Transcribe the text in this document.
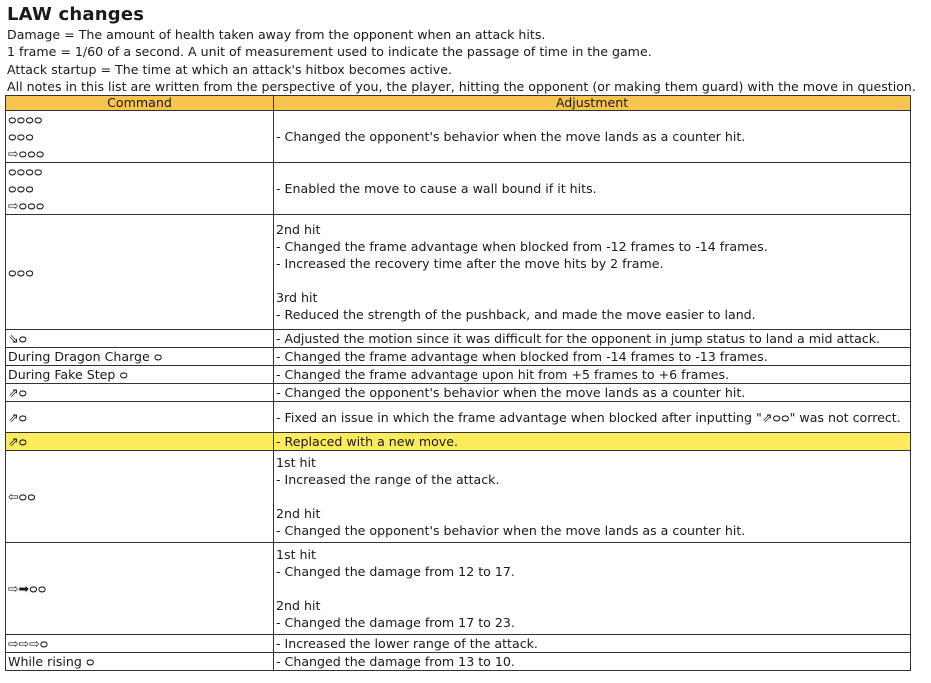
LAW changes
Damage = The amount of health taken away from the opponent when an attack hits.
1 frame = 1/60 of a second. A unit of measurement used to indicate the passage of time in the game.
Attack startup = The time at which an attack's hitbox becomes active.
All notes in this list are written from the perspective of you, the player, hitting the opponent (or making them guard) with the move in question.
Command	Adjustment

ᴑᴑᴑᴑ
ᴑᴑᴑ
⇨ᴑᴑᴑ	- Changed the opponent's behavior when the move lands as a counter hit.

ᴑᴑᴑᴑ
ᴑᴑᴑ
⇨ᴑᴑᴑ	- Enabled the move to cause a wall bound if it hits.

ᴑᴑᴑ	2nd hit
- Changed the frame advantage when blocked from -12 frames to -14 frames.
- Increased the recovery time after the move hits by 2 frame.
3rd hit
- Reduced the strength of the pushback, and made the move easier to land.

⇘ᴑ	- Adjusted the motion since it was difficult for the opponent in jump status to land a mid attack.

During Dragon Charge ᴑ	- Changed the frame advantage when blocked from -14 frames to -13 frames.

During Fake Step ᴑ	- Changed the frame advantage upon hit from +5 frames to +6 frames.

⇗ᴑ	- Changed the opponent's behavior when the move lands as a counter hit.

⇗ᴑ	- Fixed an issue in which the frame advantage when blocked after inputting "⇗ᴑᴑ" was not correct.

⇗ᴑ	- Replaced with a new move.

⇦ᴑᴑ	1st hit
- Increased the range of the attack.
2nd hit
- Changed the opponent's behavior when the move lands as a counter hit.

⇨➡ᴑᴑ	1st hit
- Changed the damage from 12 to 17.
2nd hit
- Changed the damage from 17 to 23.

⇨⇨⇨ᴑ	- Increased the lower range of the attack.

While rising ᴑ	- Changed the damage from 13 to 10.
